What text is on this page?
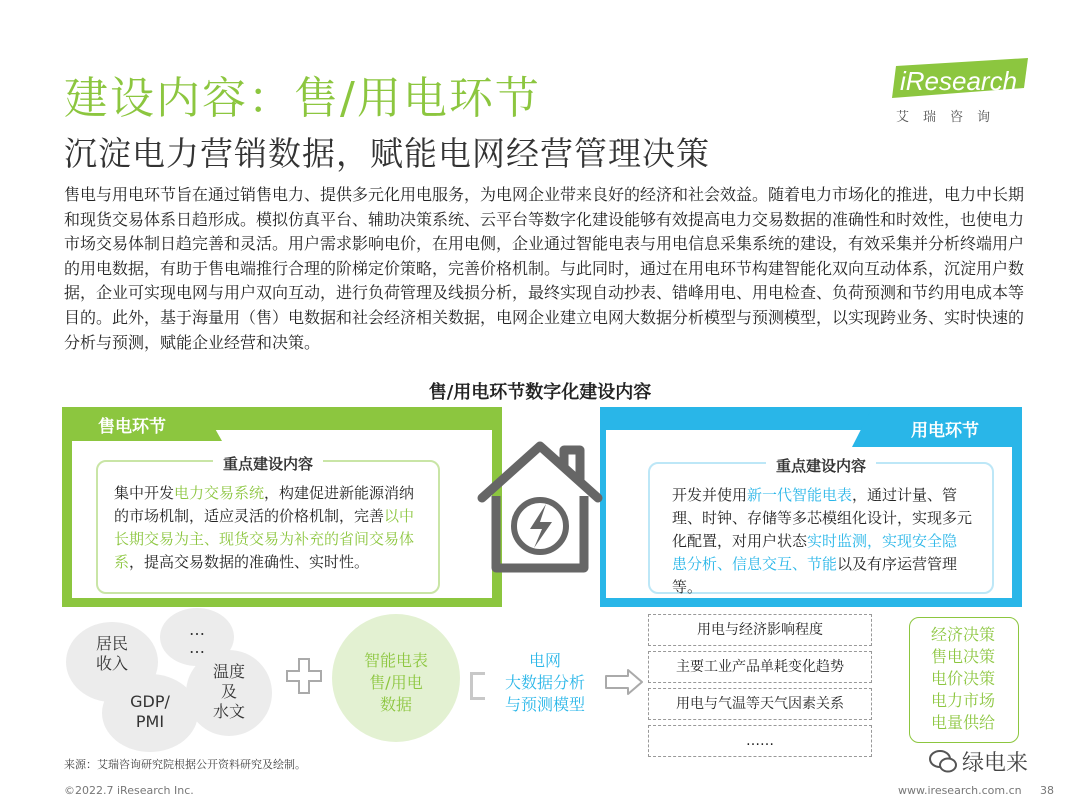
建设内容：售/用电环节
沉淀电力营销数据，赋能电网经营管理决策
iResearch
艾瑞咨询
售电与用电环节旨在通过销售电力、提供多元化用电服务，为电网企业带来良好的经济和社会效益。随着电力市场化的推进，电力中长期和现货交易体系日趋形成。模拟仿真平台、辅助决策系统、云平台等数字化建设能够有效提高电力交易数据的准确性和时效性，也使电力市场交易体制日趋完善和灵活。用户需求影响电价，在用电侧，企业通过智能电表与用电信息采集系统的建设，有效采集并分析终端用户的用电数据，有助于售电端推行合理的阶梯定价策略，完善价格机制。与此同时，通过在用电环节构建智能化双向互动体系，沉淀用户数据，企业可实现电网与用户双向互动，进行负荷管理及线损分析，最终实现自动抄表、错峰用电、用电检查、负荷预测和节约用电成本等目的。此外，基于海量用（售）电数据和社会经济相关数据，电网企业建立电网大数据分析模型与预测模型，以实现跨业务、实时快速的分析与预测，赋能企业经营和决策。
售/用电环节数字化建设内容
售电环节
重点建设内容
集中开发电力交易系统，构建促进新能源消纳的市场机制，适应灵活的价格机制，完善以中长期交易为主、现货交易为补充的省间交易体系，提高交易数据的准确性、实时性。
用电环节
重点建设内容
开发并使用新一代智能电表，通过计量、管理、时钟、存储等多芯模组化设计，实现多元化配置，对用户状态实时监测，实现安全隐患分析、信息交互、节能以及有序运营管理等。
居民
收入
…
…
温度
及
水文
GDP/
PMI
智能电表
售/用电
数据
电网
大数据分析
与预测模型
用电与经济影响程度
主要工业产品单耗变化趋势
用电与气温等天气因素关系
……
经济决策
售电决策
电价决策
电力市场
电量供给
来源：艾瑞咨询研究院根据公开资料研究及绘制。
©2022.7 iResearch Inc.	www.iresearch.com.cn 38
绿电来
